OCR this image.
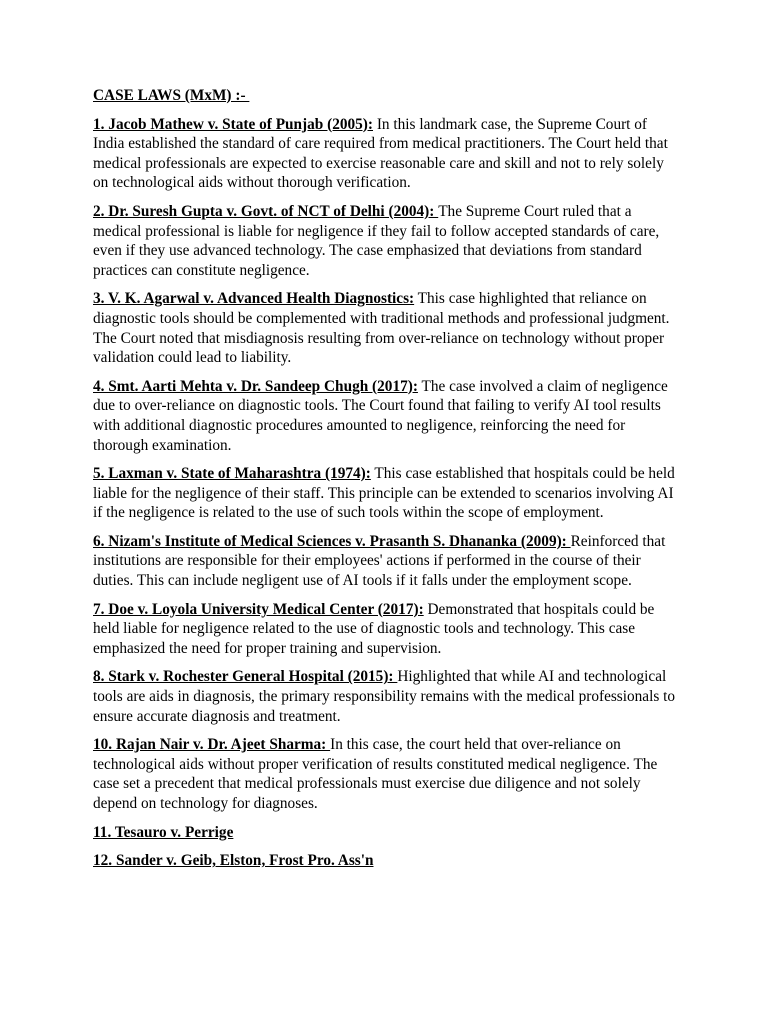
CASE LAWS (MxM) :-

1. Jacob Mathew v. State of Punjab (2005): In this landmark case, the Supreme Court of India established the standard of care required from medical practitioners. The Court held that medical professionals are expected to exercise reasonable care and skill and not to rely solely on technological aids without thorough verification.

2. Dr. Suresh Gupta v. Govt. of NCT of Delhi (2004): The Supreme Court ruled that a medical professional is liable for negligence if they fail to follow accepted standards of care, even if they use advanced technology. The case emphasized that deviations from standard practices can constitute negligence.

3. V. K. Agarwal v. Advanced Health Diagnostics: This case highlighted that reliance on diagnostic tools should be complemented with traditional methods and professional judgment. The Court noted that misdiagnosis resulting from over-reliance on technology without proper validation could lead to liability.

4. Smt. Aarti Mehta v. Dr. Sandeep Chugh (2017): The case involved a claim of negligence due to over-reliance on diagnostic tools. The Court found that failing to verify AI tool results with additional diagnostic procedures amounted to negligence, reinforcing the need for thorough examination.

5. Laxman v. State of Maharashtra (1974): This case established that hospitals could be held liable for the negligence of their staff. This principle can be extended to scenarios involving AI if the negligence is related to the use of such tools within the scope of employment.

6. Nizam's Institute of Medical Sciences v. Prasanth S. Dhananka (2009): Reinforced that institutions are responsible for their employees' actions if performed in the course of their duties. This can include negligent use of AI tools if it falls under the employment scope.

7. Doe v. Loyola University Medical Center (2017): Demonstrated that hospitals could be held liable for negligence related to the use of diagnostic tools and technology. This case emphasized the need for proper training and supervision.

8. Stark v. Rochester General Hospital (2015): Highlighted that while AI and technological tools are aids in diagnosis, the primary responsibility remains with the medical professionals to ensure accurate diagnosis and treatment.

10. Rajan Nair v. Dr. Ajeet Sharma: In this case, the court held that over-reliance on technological aids without proper verification of results constituted medical negligence. The case set a precedent that medical professionals must exercise due diligence and not solely depend on technology for diagnoses.

11. Tesauro v. Perrige

12. Sander v. Geib, Elston, Frost Pro. Ass'n
